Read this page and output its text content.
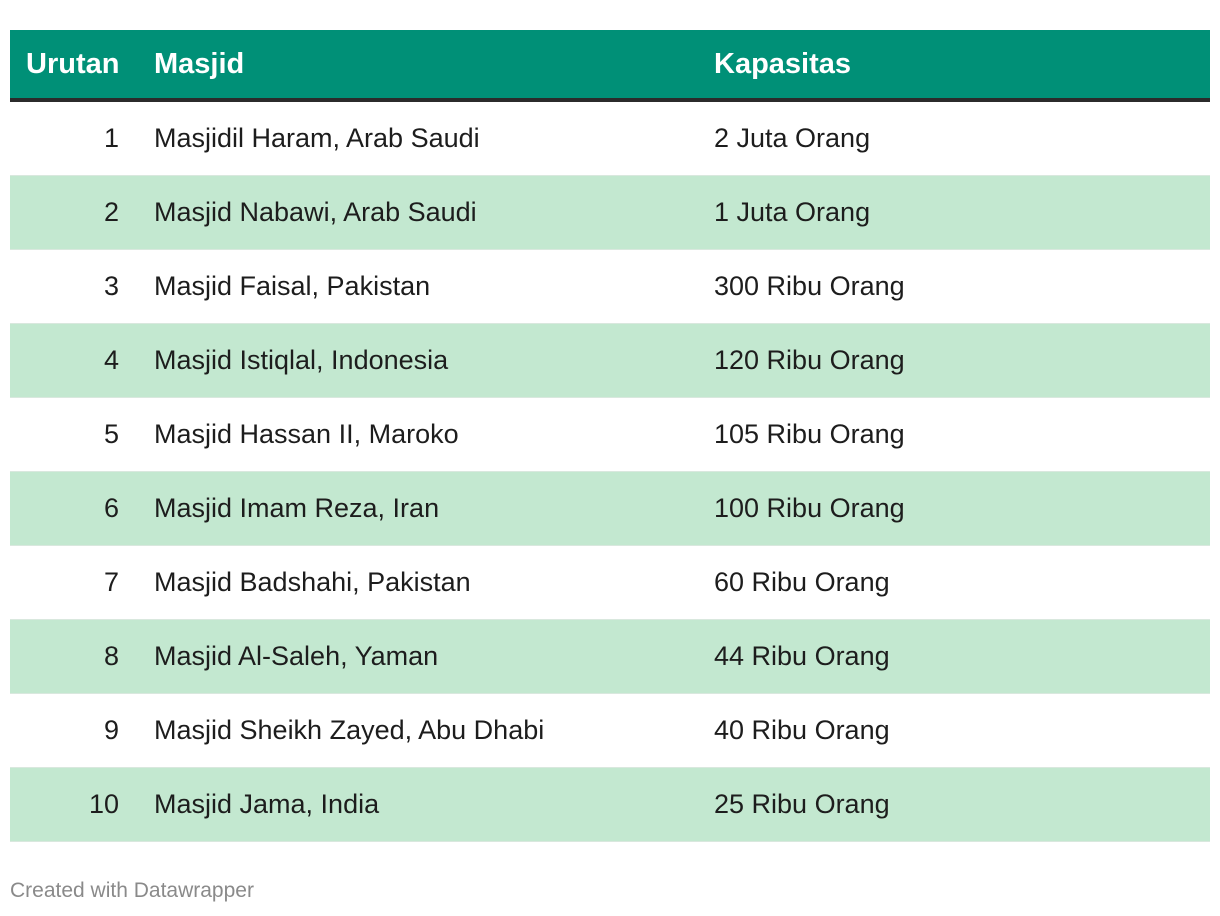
Urutan	Masjid	Kapasitas
1	Masjidil Haram, Arab Saudi	2 Juta Orang
2	Masjid Nabawi, Arab Saudi	1 Juta Orang
3	Masjid Faisal, Pakistan	300 Ribu Orang
4	Masjid Istiqlal, Indonesia	120 Ribu Orang
5	Masjid Hassan II, Maroko	105 Ribu Orang
6	Masjid Imam Reza, Iran	100 Ribu Orang
7	Masjid Badshahi, Pakistan	60 Ribu Orang
8	Masjid Al-Saleh, Yaman	44 Ribu Orang
9	Masjid Sheikh Zayed, Abu Dhabi	40 Ribu Orang
10	Masjid Jama, India	25 Ribu Orang
Created with Datawrapper
